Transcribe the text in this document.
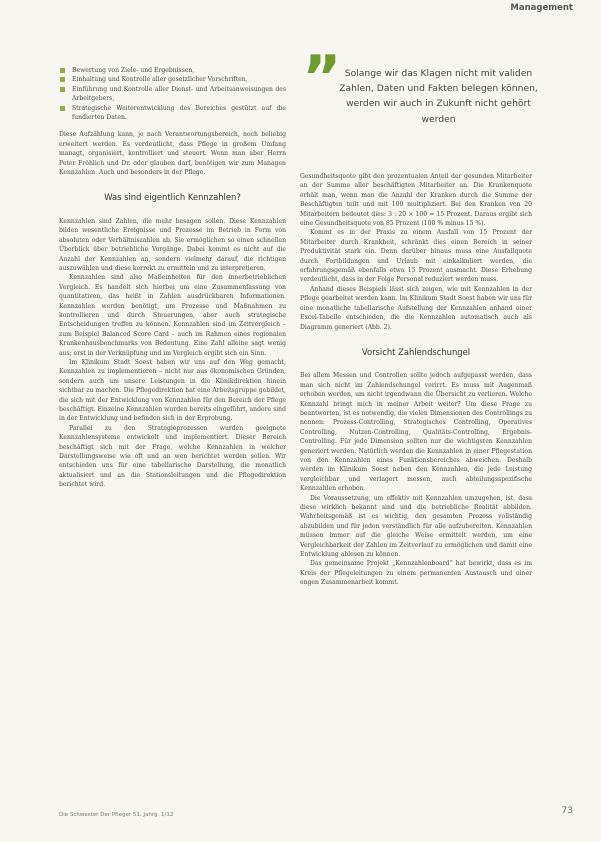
Management
” Solange wir das Klagen nicht mit validen Zahlen, Daten und Fakten belegen können, werden wir auch in Zukunft nicht gehört werden
Bewertung von Ziele- und Ergebnissen,
Einhaltung und Kontrolle aller gesetzlicher Vorschriften,
Einführung und Kontrolle aller Dienst- und Arbeitsanweisungen des Arbeitgebers,
Strategische Weiterentwicklung des Bereiches gestützt auf die fundierten Daten.

Diese Aufzählung kann, je nach Verantwortungsbereich, noch beliebig erweitert werden. Es verdeutlicht, dass Pflege in großem Umfang managt, organisiert, kontrolliert und steuert. Wenn man aber Herrn Peter Fröhlich und Dr. oder glauben darf, benötigen wir zum Managen Kennzahlen. Auch und besonders in der Pflege.

Was sind eigentlich Kennzahlen?

Kennzahlen sind Zahlen, die mehr besagen sollen. Diese Kennzahlen bilden wesentliche Ereignisse und Prozesse im Betrieb in Form von absoluten oder Verhältniszahlen ab. Sie ermöglichen so einen schnellen Überblick über betriebliche Vorgänge. Dabei kommt es nicht auf die Anzahl der Kennzahlen an, sondern vielmehr darauf, die richtigen auszuwählen und diese korrekt zu ermitteln und zu interpretieren.

Kennzahlen sind also Maßeinheiten für den innerbetrieblichen Vergleich. Es handelt sich hierbei um eine Zusammenfassung von quantitativen, das heißt in Zahlen ausdrückbaren Informationen. Kennzahlen werden benötigt, um Prozesse und Maßnahmen zu kontrollieren und durch Steuerungen, aber auch strategische Entscheidungen treffen zu können. Kennzahlen sind im Zeitvergleich – zum Beispiel Balanced Score Card – auch im Rahmen eines regionalen Krankenhausbenchmarks von Bedeutung. Eine Zahl alleine sagt wenig aus; erst in der Verknüpfung und im Vergleich ergibt sich ein Sinn.

Im Klinikum Stadt Soest haben wir uns auf den Weg gemacht, Kennzahlen zu implementieren – nicht nur aus ökonomischen Gründen, sondern auch um unsere Leistungen in die Klinikdirektion hinein sichtbar zu machen. Die Pflegedirektion hat eine Arbeitsgruppe gebildet, die sich mit der Entwicklung von Kennzahlen für den Bereich der Pflege beschäftigt. Einzelne Kennzahlen wurden bereits eingeführt, andere sind in der Entwicklung und befinden sich in der Erprobung.

Parallel zu den Strategieprozessen wurden geeignete Kennzahlensysteme entwickelt und implementiert. Dieser Bereich beschäftigt sich mit der Frage, welche Kennzahlen in welcher Darstellungsweise wie oft und an wen berichtet werden sollen. Wir entschieden uns für eine tabellarische Darstellung, die monatlich aktualisiert und an die Stationsleitungen und die Pflegedirektion berichtet wird.

Gesundheitsquote gibt den prozentualen Anteil der gesunden Mitarbeiter an der Summe aller beschäftigten Mitarbeiter an. Die Krankenquote erhält man, wenn man die Anzahl der Kranken durch die Summe der Beschäftigten teilt und mit 100 multipliziert. Bei den Kranken von 20 Mitarbeitern bedeutet dies: 3 : 20 × 100 = 15 Prozent. Daraus ergibt sich eine Gesundheitsquote von 85 Prozent (100 % minus 15 %).

Kommt es in der Praxis zu einem Ausfall von 15 Prozent der Mitarbeiter durch Krankheit, schränkt dies einen Bereich in seiner Produktivität stark ein. Denn darüber hinaus muss eine Ausfallquote durch Fortbildungen und Urlaub mit einkalkuliert werden, die erfahrungsgemäß ebenfalls etwa 15 Prozent ausmacht. Diese Erhebung verdeutlicht, dass in der Folge Personal reduziert werden muss.

Anhand dieses Beispiels lässt sich zeigen, wie mit Kennzahlen in der Pflege gearbeitet werden kann. Im Klinikum Stadt Soest haben wir uns für eine monatliche tabellarische Aufstellung der Kennzahlen anhand einer Excel-Tabelle entschieden, die die Kennzahlen automatisch auch als Diagramm generiert (Abb. 2).

Vorsicht Zahlendschungel

Bei allem Messen und Controllen sollte jedoch aufgepasst werden, dass man sich nicht im Zahlendschungel verirrt. Es muss mit Augenmaß erhoben werden, um nicht irgendwann die Übersicht zu verlieren. Welche Kennzahl bringt mich in meiner Arbeit weiter? Um diese Frage zu beantworten, ist es notwendig, die vielen Dimensionen des Controllings zu nennen: Prozess-Controlling, Strategisches Controlling, Operatives Controlling, Nutzen-Controlling, Qualitäts-Controlling, Ergebnis-Controlling. Für jede Dimension sollten nur die wichtigsten Kennzahlen generiert werden. Natürlich werden die Kennzahlen in einer Pflegestation von den Kennzahlen eines Funktionsbereiches abweichen. Deshalb werden im Klinikum Soest neben den Kennzahlen, die jede Leistung vergleichbar und verlagert messen, auch abteilungsspezifische Kennzahlen erhoben.

Die Voraussetzung, um effektiv mit Kennzahlen umzugehen, ist, dass diese wirklich bekannt sind und die betriebliche Realität abbilden. Wahrheitsgemäß ist es wichtig, den gesamten Prozess vollständig abzubilden und für jeden verständlich für alle aufzubereiten. Kennzahlen müssen immer auf die gleiche Weise ermittelt werden, um eine Vergleichbarkeit der Zahlen im Zeitverlauf zu ermöglichen und damit eine Entwicklung ablesen zu können.

Das gemeinsame Projekt „Kennzahlenboard“ hat bewirkt, dass es im Kreis der Pflegeleitungen zu einem permanenten Austausch und einer engen Zusammenarbeit kommt.

Die Schwester Der Pfleger 51. Jahrg. 1/12	73
